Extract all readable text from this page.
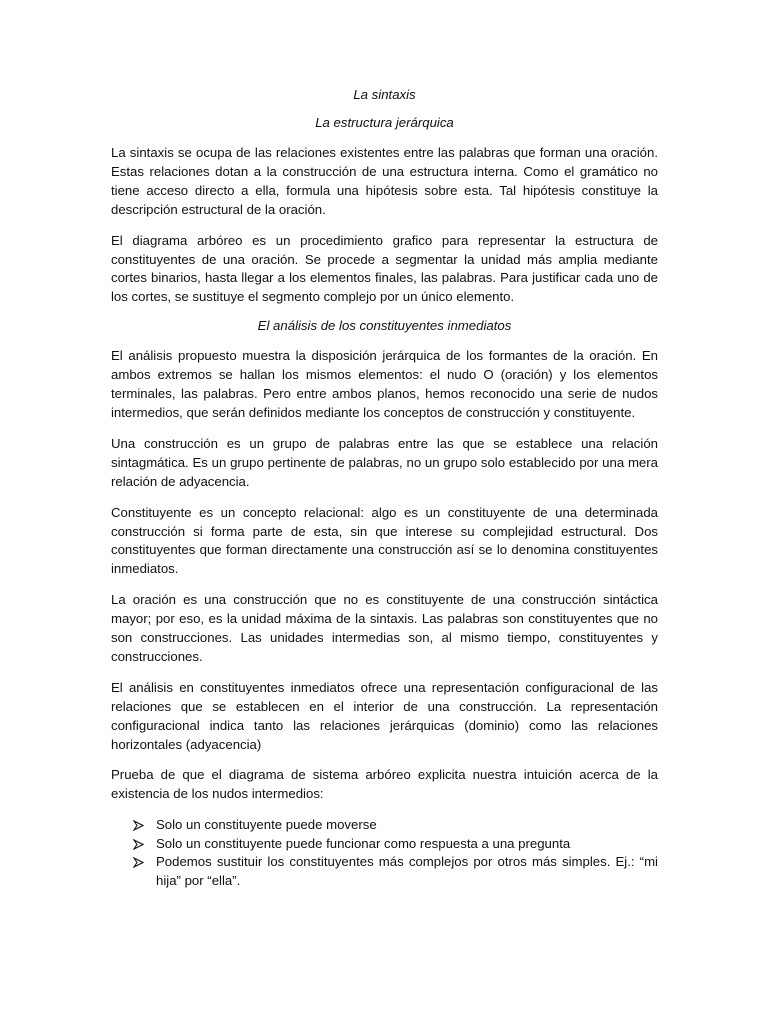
La sintaxis

La estructura jerárquica

La sintaxis se ocupa de las relaciones existentes entre las palabras que forman una oración. Estas relaciones dotan a la construcción de una estructura interna. Como el gramático no tiene acceso directo a ella, formula una hipótesis sobre esta. Tal hipótesis constituye la descripción estructural de la oración.

El diagrama arbóreo es un procedimiento grafico para representar la estructura de constituyentes de una oración. Se procede a segmentar la unidad más amplia mediante cortes binarios, hasta llegar a los elementos finales, las palabras. Para justificar cada uno de los cortes, se sustituye el segmento complejo por un único elemento.

El análisis de los constituyentes inmediatos

El análisis propuesto muestra la disposición jerárquica de los formantes de la oración. En ambos extremos se hallan los mismos elementos: el nudo O (oración) y los elementos terminales, las palabras. Pero entre ambos planos, hemos reconocido una serie de nudos intermedios, que serán definidos mediante los conceptos de construcción y constituyente.

Una construcción es un grupo de palabras entre las que se establece una relación sintagmática. Es un grupo pertinente de palabras, no un grupo solo establecido por una mera relación de adyacencia.

Constituyente es un concepto relacional: algo es un constituyente de una determinada construcción si forma parte de esta, sin que interese su complejidad estructural. Dos constituyentes que forman directamente una construcción así se lo denomina constituyentes inmediatos.

La oración es una construcción que no es constituyente de una construcción sintáctica mayor; por eso, es la unidad máxima de la sintaxis. Las palabras son constituyentes que no son construcciones. Las unidades intermedias son, al mismo tiempo, constituyentes y construcciones.

El análisis en constituyentes inmediatos ofrece una representación configuracional de las relaciones que se establecen en el interior de una construcción. La representación configuracional indica tanto las relaciones jerárquicas (dominio) como las relaciones horizontales (adyacencia)

Prueba de que el diagrama de sistema arbóreo explicita nuestra intuición acerca de la existencia de los nudos intermedios:

Solo un constituyente puede moverse
Solo un constituyente puede funcionar como respuesta a una pregunta
Podemos sustituir los constituyentes más complejos por otros más simples. Ej.: “mi hija” por “ella”.
